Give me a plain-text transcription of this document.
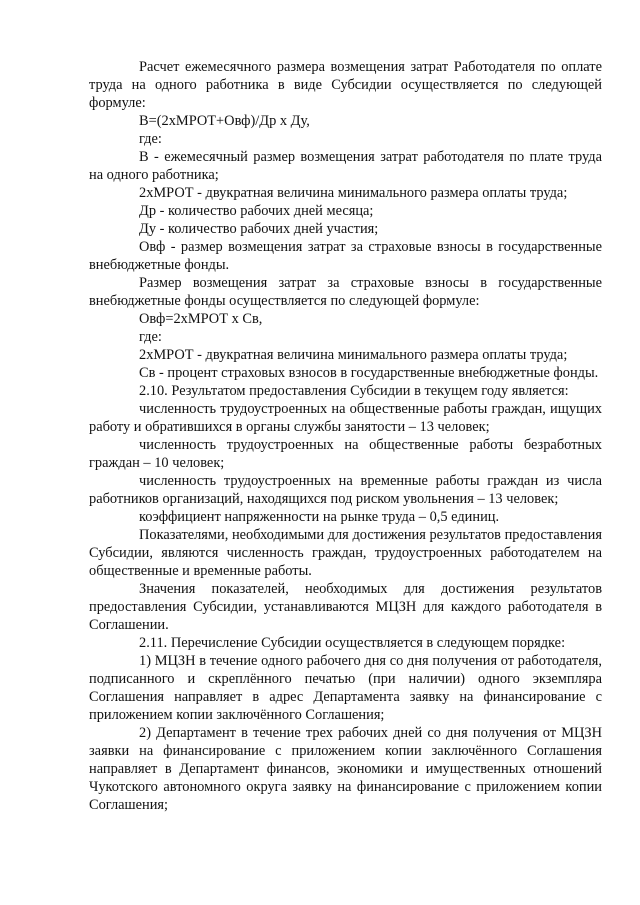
Расчет ежемесячного размера возмещения затрат Работодателя по оплате труда на одного работника в виде Субсидии осуществляется по следующей формуле:

В=(2хМРОТ+Овф)/Др х Ду,

где:

В - ежемесячный размер возмещения затрат работодателя по плате труда на одного работника;

2хМРОТ - двукратная величина минимального размера оплаты труда;

Др - количество рабочих дней месяца;

Ду - количество рабочих дней участия;

Овф - размер возмещения затрат за страховые взносы в государственные внебюджетные фонды.

Размер возмещения затрат за страховые взносы в государственные внебюджетные фонды осуществляется по следующей формуле:

Овф=2хМРОТ х Св,

где:

2хМРОТ - двукратная величина минимального размера оплаты труда;

Св - процент страховых взносов в государственные внебюджетные фонды.

2.10. Результатом предоставления Субсидии в текущем году является:

численность трудоустроенных на общественные работы граждан, ищущих работу и обратившихся в органы службы занятости – 13 человек;

численность трудоустроенных на общественные работы безработных граждан – 10 человек;

численность трудоустроенных на временные работы граждан из числа работников организаций, находящихся под риском увольнения – 13 человек;

коэффициент напряженности на рынке труда – 0,5 единиц.

Показателями, необходимыми для достижения результатов предоставления Субсидии, являются численность граждан, трудоустроенных работодателем на общественные и временные работы.

Значения показателей, необходимых для достижения результатов предоставления Субсидии, устанавливаются МЦЗН для каждого работодателя в Соглашении.

2.11. Перечисление Субсидии осуществляется в следующем порядке:

1) МЦЗН в течение одного рабочего дня со дня получения от работодателя, подписанного и скреплённого печатью (при наличии) одного экземпляра Соглашения направляет в адрес Департамента заявку на финансирование с приложением копии заключённого Соглашения;

2) Департамент в течение трех рабочих дней со дня получения от МЦЗН заявки на финансирование с приложением копии заключённого Соглашения направляет в Департамент финансов, экономики и имущественных отношений Чукотского автономного округа заявку на финансирование с приложением копии Соглашения;
